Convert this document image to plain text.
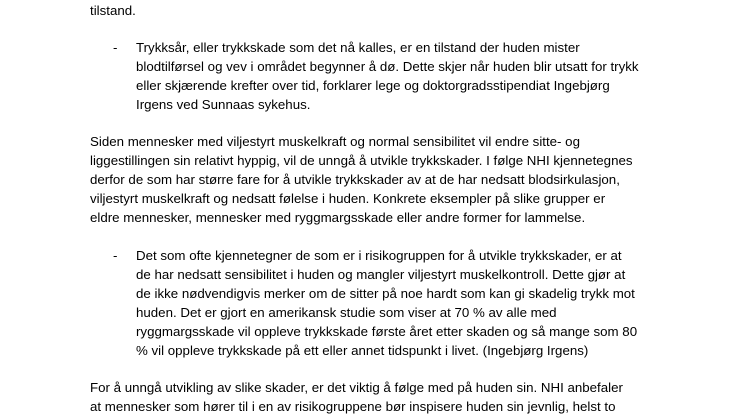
tilstand.
- Trykksår, eller trykkskade som det nå kalles, er en tilstand der huden mister
blodtilførsel og vev i området begynner å dø. Dette skjer når huden blir utsatt for trykk
eller skjærende krefter over tid, forklarer lege og doktorgradsstipendiat Ingebjørg
Irgens ved Sunnaas sykehus.
Siden mennesker med viljestyrt muskelkraft og normal sensibilitet vil endre sitte- og
liggestillingen sin relativt hyppig, vil de unngå å utvikle trykkskader. I følge NHI kjennetegnes
derfor de som har større fare for å utvikle trykkskader av at de har nedsatt blodsirkulasjon,
viljestyrt muskelkraft og nedsatt følelse i huden. Konkrete eksempler på slike grupper er
eldre mennesker, mennesker med ryggmargsskade eller andre former for lammelse.
- Det som ofte kjennetegner de som er i risikogruppen for å utvikle trykkskader, er at
de har nedsatt sensibilitet i huden og mangler viljestyrt muskelkontroll. Dette gjør at
de ikke nødvendigvis merker om de sitter på noe hardt som kan gi skadelig trykk mot
huden. Det er gjort en amerikansk studie som viser at 70 % av alle med
ryggmargsskade vil oppleve trykkskade første året etter skaden og så mange som 80
% vil oppleve trykkskade på ett eller annet tidspunkt i livet. (Ingebjørg Irgens)
For å unngå utvikling av slike skader, er det viktig å følge med på huden sin. NHI anbefaler
at mennesker som hører til i en av risikogruppene bør inspisere huden sin jevnlig, helst to
